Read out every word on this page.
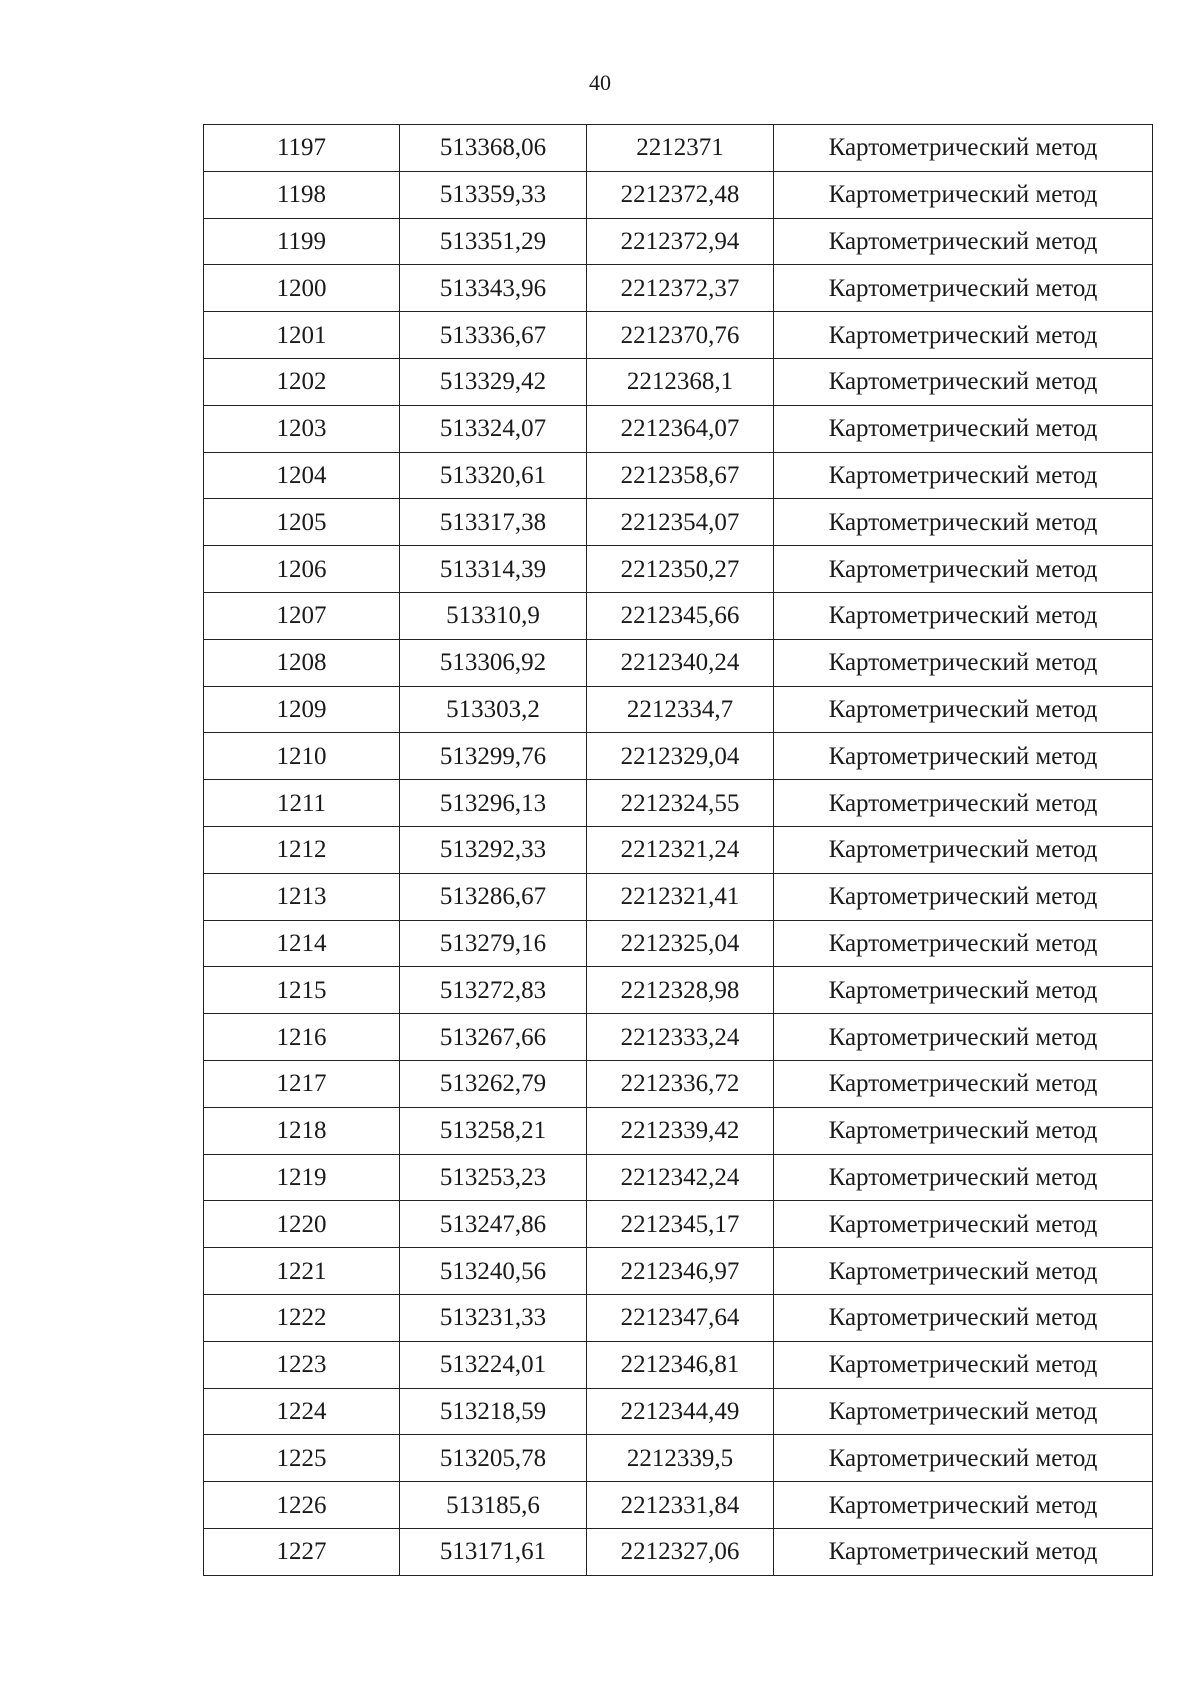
40
1197	513368,06	2212371	Картометрический метод
1198	513359,33	2212372,48	Картометрический метод
1199	513351,29	2212372,94	Картометрический метод
1200	513343,96	2212372,37	Картометрический метод
1201	513336,67	2212370,76	Картометрический метод
1202	513329,42	2212368,1	Картометрический метод
1203	513324,07	2212364,07	Картометрический метод
1204	513320,61	2212358,67	Картометрический метод
1205	513317,38	2212354,07	Картометрический метод
1206	513314,39	2212350,27	Картометрический метод
1207	513310,9	2212345,66	Картометрический метод
1208	513306,92	2212340,24	Картометрический метод
1209	513303,2	2212334,7	Картометрический метод
1210	513299,76	2212329,04	Картометрический метод
1211	513296,13	2212324,55	Картометрический метод
1212	513292,33	2212321,24	Картометрический метод
1213	513286,67	2212321,41	Картометрический метод
1214	513279,16	2212325,04	Картометрический метод
1215	513272,83	2212328,98	Картометрический метод
1216	513267,66	2212333,24	Картометрический метод
1217	513262,79	2212336,72	Картометрический метод
1218	513258,21	2212339,42	Картометрический метод
1219	513253,23	2212342,24	Картометрический метод
1220	513247,86	2212345,17	Картометрический метод
1221	513240,56	2212346,97	Картометрический метод
1222	513231,33	2212347,64	Картометрический метод
1223	513224,01	2212346,81	Картометрический метод
1224	513218,59	2212344,49	Картометрический метод
1225	513205,78	2212339,5	Картометрический метод
1226	513185,6	2212331,84	Картометрический метод
1227	513171,61	2212327,06	Картометрический метод
